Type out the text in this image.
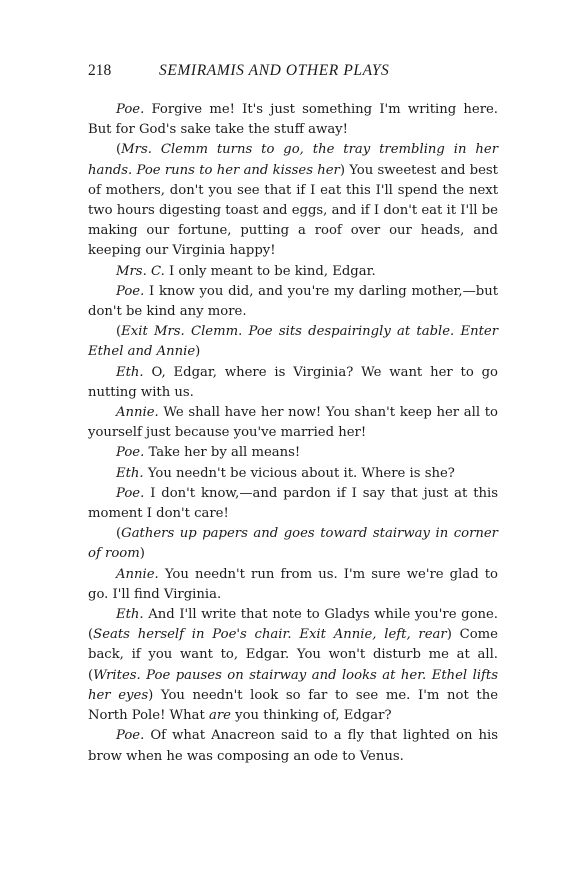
218	SEMIRAMIS AND OTHER PLAYS

Poe. Forgive me! It's just something I'm writing here. But for God's sake take the stuff away!

(Mrs. Clemm turns to go, the tray trembling in her hands. Poe runs to her and kisses her) You sweetest and best of mothers, don't you see that if I eat this I'll spend the next two hours digesting toast and eggs, and if I don't eat it I'll be making our fortune, putting a roof over our heads, and keeping our Virginia happy!

Mrs. C. I only meant to be kind, Edgar.

Poe. I know you did, and you're my darling mother,—but don't be kind any more.

(Exit Mrs. Clemm. Poe sits despairingly at table. Enter Ethel and Annie)

Eth. O, Edgar, where is Virginia? We want her to go nutting with us.

Annie. We shall have her now! You shan't keep her all to yourself just because you've married her!

Poe. Take her by all means!

Eth. You needn't be vicious about it. Where is she?

Poe. I don't know,—and pardon if I say that just at this moment I don't care!

(Gathers up papers and goes toward stairway in corner of room)

Annie. You needn't run from us. I'm sure we're glad to go. I'll find Virginia.

Eth. And I'll write that note to Gladys while you're gone. (Seats herself in Poe's chair. Exit Annie, left, rear) Come back, if you want to, Edgar. You won't disturb me at all. (Writes. Poe pauses on stairway and looks at her. Ethel lifts her eyes) You needn't look so far to see me. I'm not the North Pole! What are you thinking of, Edgar?

Poe. Of what Anacreon said to a fly that lighted on his brow when he was composing an ode to Venus.
